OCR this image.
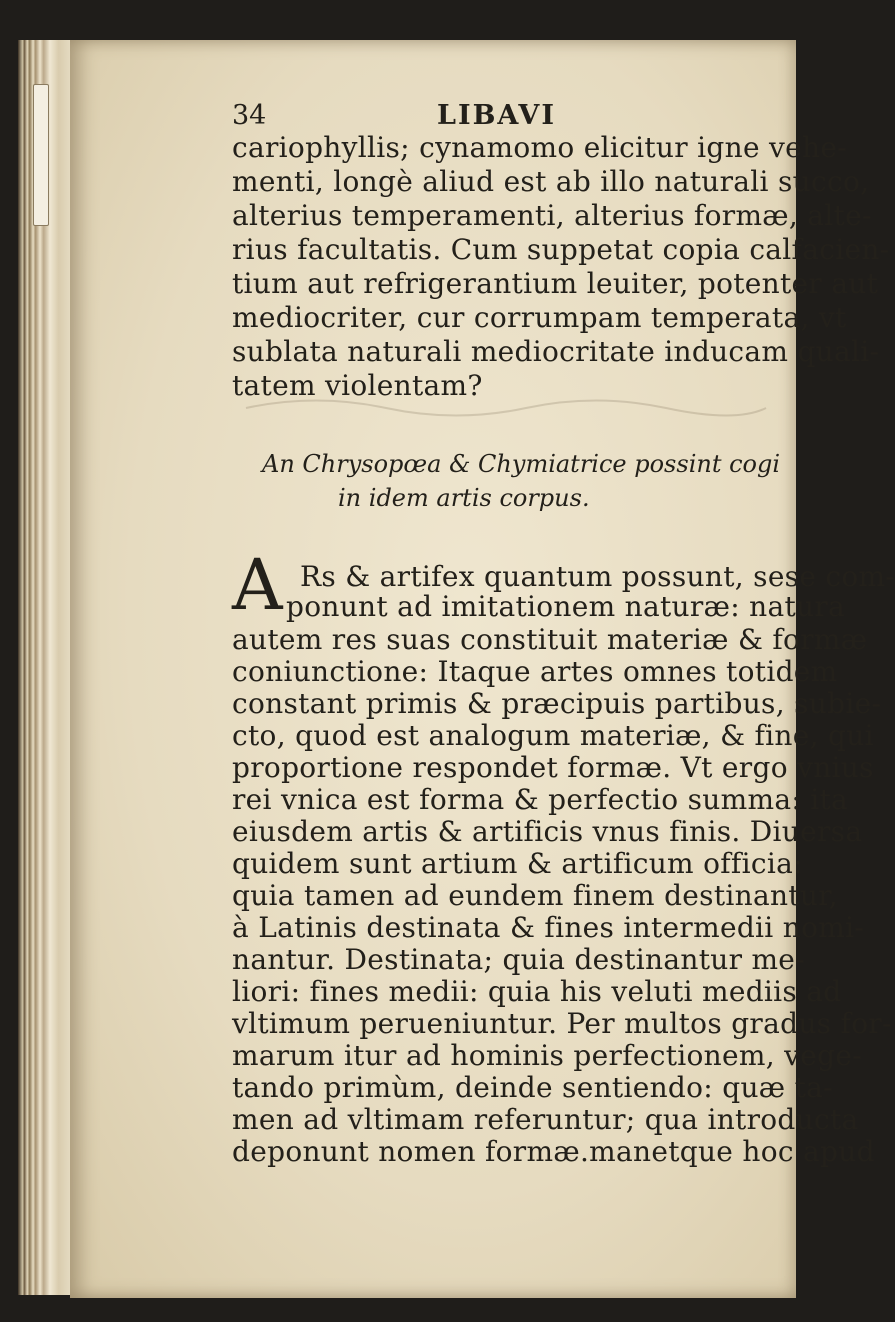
34	LIBAVI
cariophyllis; cynamomo elicitur igne vehe-
menti, longè aliud est ab illo naturali succo,
alterius temperamenti, alterius formæ, alte-
rius facultatis. Cum suppetat copia calfacien-
tium aut refrigerantium leuiter, potenter aut
mediocriter, cur corrumpam temperata, vt
sublata naturali mediocritate inducam quali-
tatem violentam?
An Chrysopœa & Chymiatrice possint cogi
in idem artis corpus.
A Rs & artifex quantum possunt, sese com-
ponunt ad imitationem naturæ: natura
autem res suas constituit materiæ & formæ
coniunctione: Itaque artes omnes totidem
constant primis & præcipuis partibus, subie-
cto, quod est analogum materiæ, & fine, qui
proportione respondet formæ. Vt ergo vnius
rei vnica est forma & perfectio summa: ita
eiusdem artis & artificis vnus finis. Diuersa
quidem sunt artium & artificum officia:
quia tamen ad eundem finem destinantur,
à Latinis destinata & fines intermedii nomi-
nantur. Destinata; quia destinantur me-
liori: fines medii: quia his veluti mediis ad
vltimum perueniuntur. Per multos gradus for-
marum itur ad hominis perfectionem, vege-
tando primùm, deinde sentiendo: quæ ta-
men ad vltimam referuntur; qua introducta
deponunt nomen formæ.manetque hoc apud
